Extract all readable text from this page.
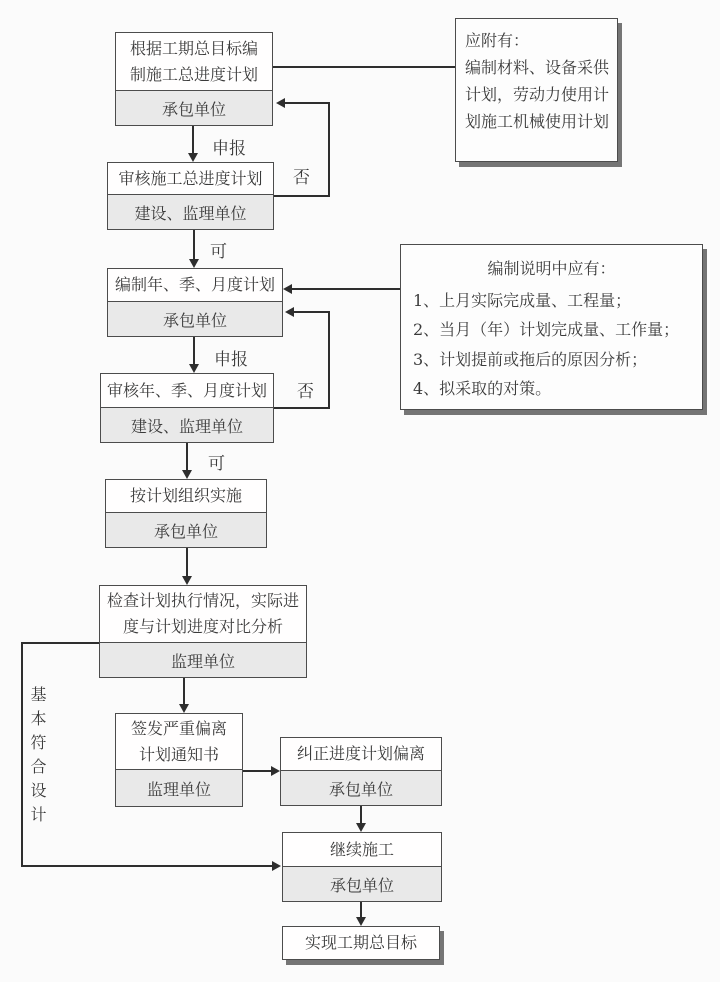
根据工期总目标编制施工总进度计划
承包单位
审核施工总进度计划
建设、监理单位
编制年、季、月度计划
承包单位
审核年、季、月度计划
建设、监理单位
按计划组织实施
承包单位
检查计划执行情况，实际进度与计划进度对比分析
监理单位
签发严重偏离计划通知书
监理单位
纠正进度计划偏离
承包单位
继续施工
承包单位
实现工期总目标
应附有：
编制材料、设备采供计划，劳动力使用计划施工机械使用计划
编制说明中应有：
1、上月实际完成量、工程量；
2、当月（年）计划完成量、工作量；
3、计划提前或拖后的原因分析；
4、拟采取的对策。
申报
否
可
申报
否
可
基本符合设计
